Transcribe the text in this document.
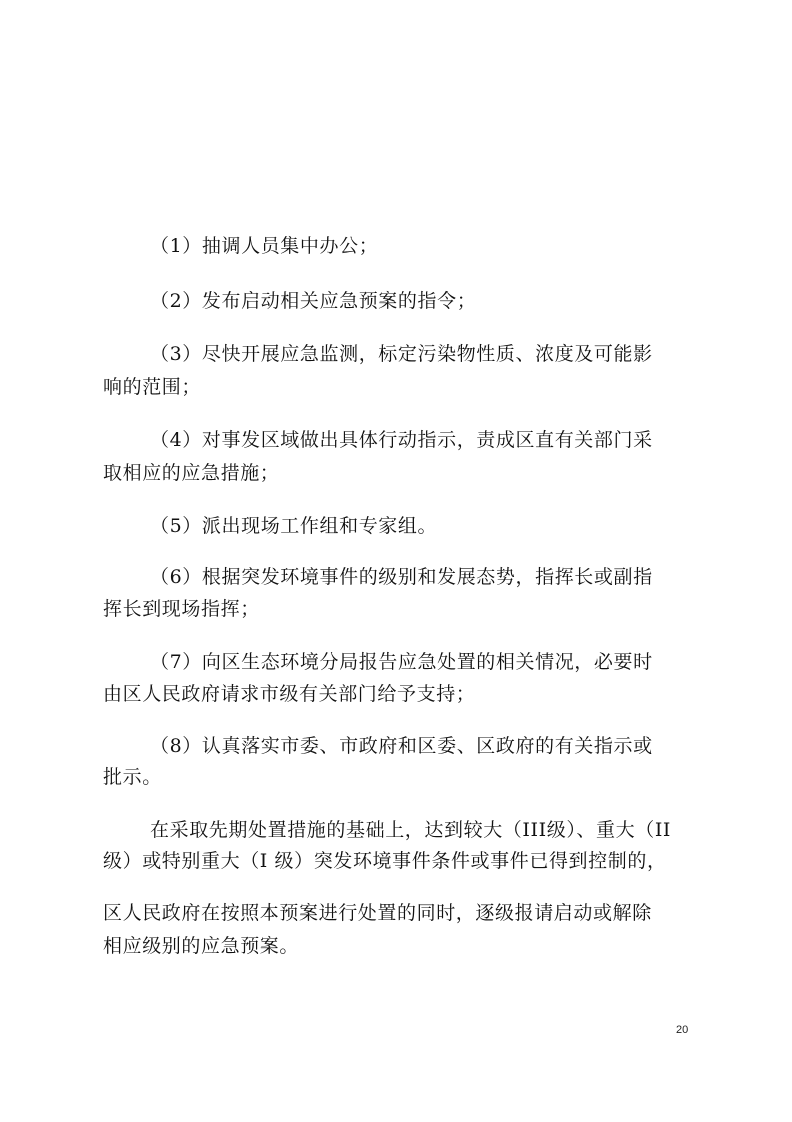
（1）抽调人员集中办公；
（2）发布启动相关应急预案的指令；
（3）尽快开展应急监测，标定污染物性质、浓度及可能影
响的范围；
（4）对事发区域做出具体行动指示，责成区直有关部门采
取相应的应急措施；
（5）派出现场工作组和专家组。
（6）根据突发环境事件的级别和发展态势，指挥长或副指
挥长到现场指挥；
（7）向区生态环境分局报告应急处置的相关情况，必要时
由区人民政府请求市级有关部门给予支持；
（8）认真落实市委、市政府和区委、区政府的有关指示或
批示。
在采取先期处置措施的基础上，达到较大（III级）、重大（II
级）或特别重大（I 级）突发环境事件条件或事件已得到控制的，
区人民政府在按照本预案进行处置的同时，逐级报请启动或解除
相应级别的应急预案。
20
